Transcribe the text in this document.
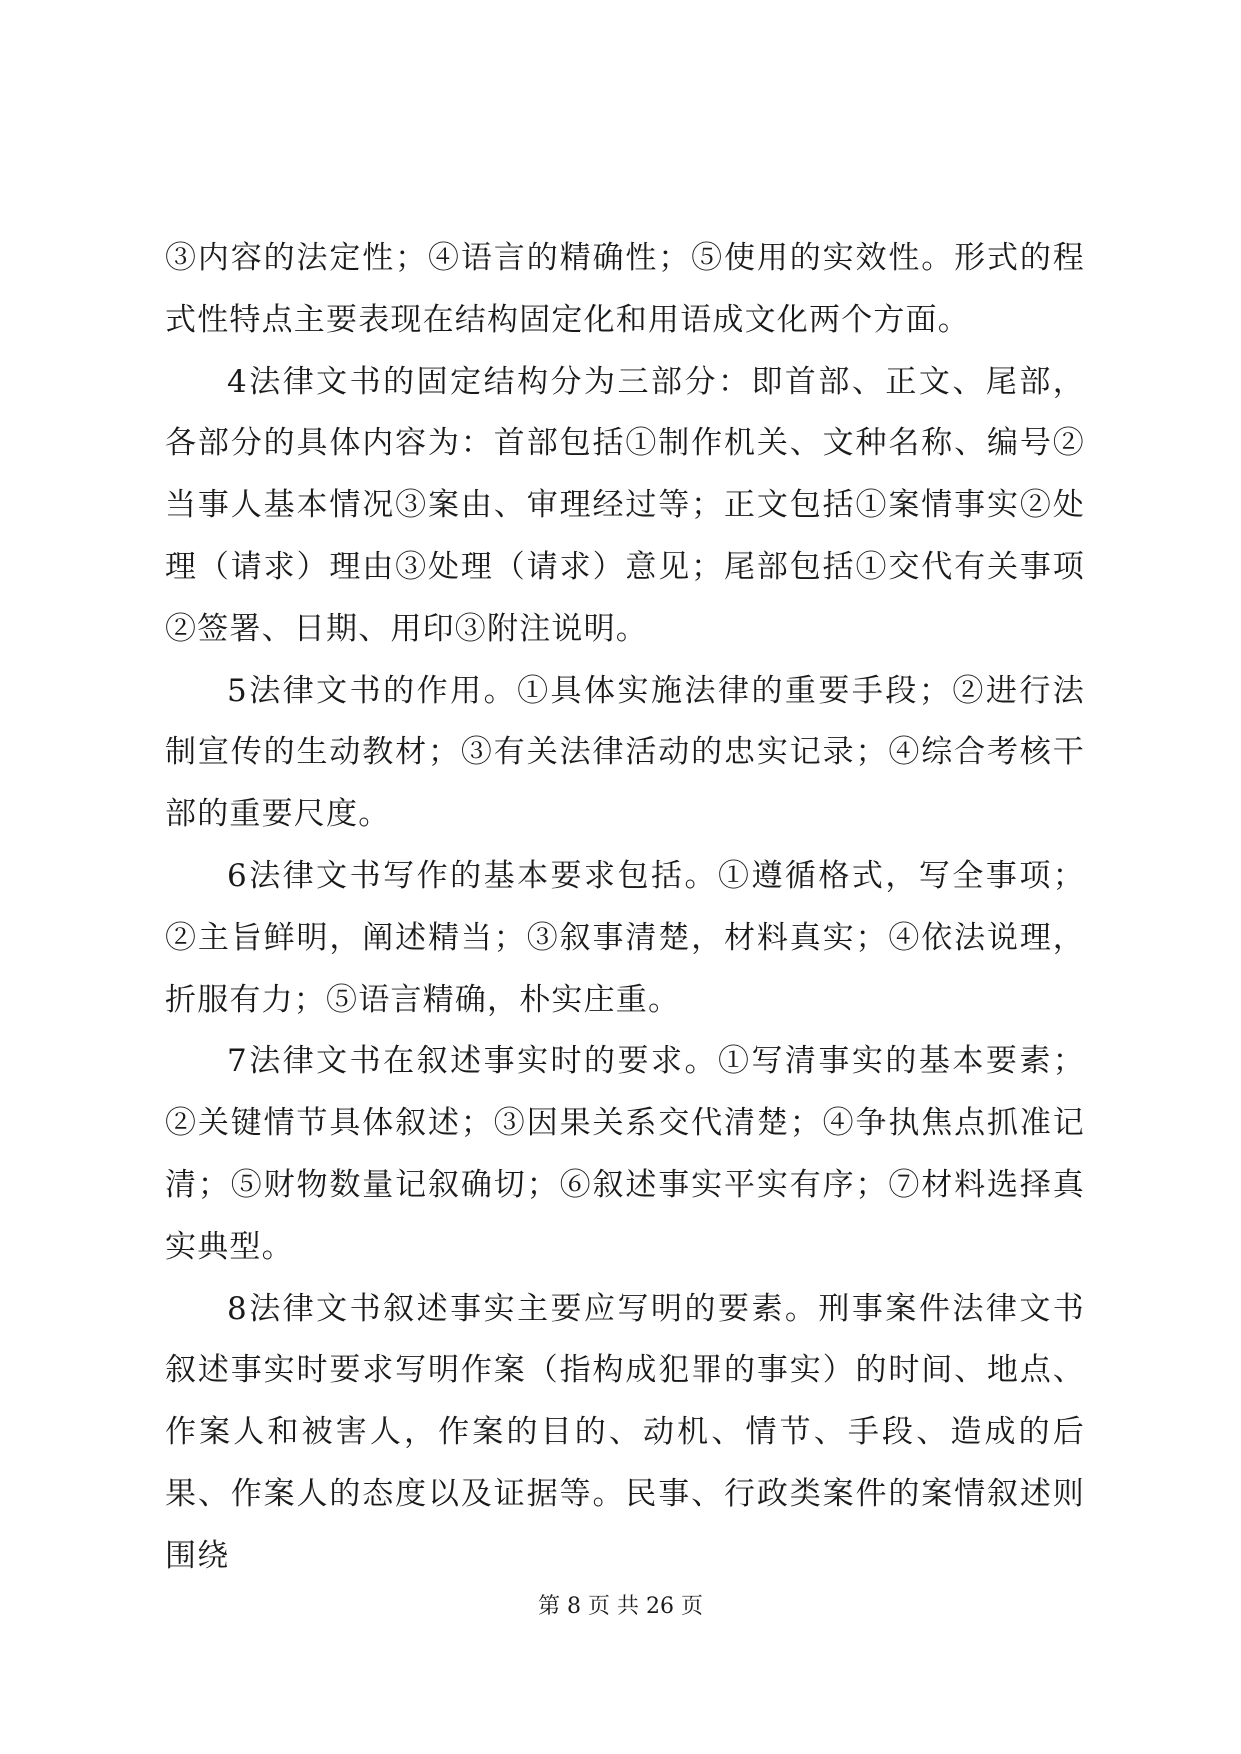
③内容的法定性；④语言的精确性；⑤使用的实效性。形式的程式性特点主要表现在结构固定化和用语成文化两个方面。

4法律文书的固定结构分为三部分：即首部、正文、尾部，各部分的具体内容为：首部包括①制作机关、文种名称、编号②当事人基本情况③案由、审理经过等；正文包括①案情事实②处理（请求）理由③处理（请求）意见；尾部包括①交代有关事项②签署、日期、用印③附注说明。

5法律文书的作用。①具体实施法律的重要手段；②进行法制宣传的生动教材；③有关法律活动的忠实记录；④综合考核干部的重要尺度。

6法律文书写作的基本要求包括。①遵循格式，写全事项；②主旨鲜明，阐述精当；③叙事清楚，材料真实；④依法说理，折服有力；⑤语言精确，朴实庄重。

7法律文书在叙述事实时的要求。①写清事实的基本要素；②关键情节具体叙述；③因果关系交代清楚；④争执焦点抓准记清；⑤财物数量记叙确切；⑥叙述事实平实有序；⑦材料选择真实典型。

8法律文书叙述事实主要应写明的要素。刑事案件法律文书叙述事实时要求写明作案（指构成犯罪的事实）的时间、地点、作案人和被害人，作案的目的、动机、情节、手段、造成的后果、作案人的态度以及证据等。民事、行政类案件的案情叙述则围绕

第 8 页 共 26 页
